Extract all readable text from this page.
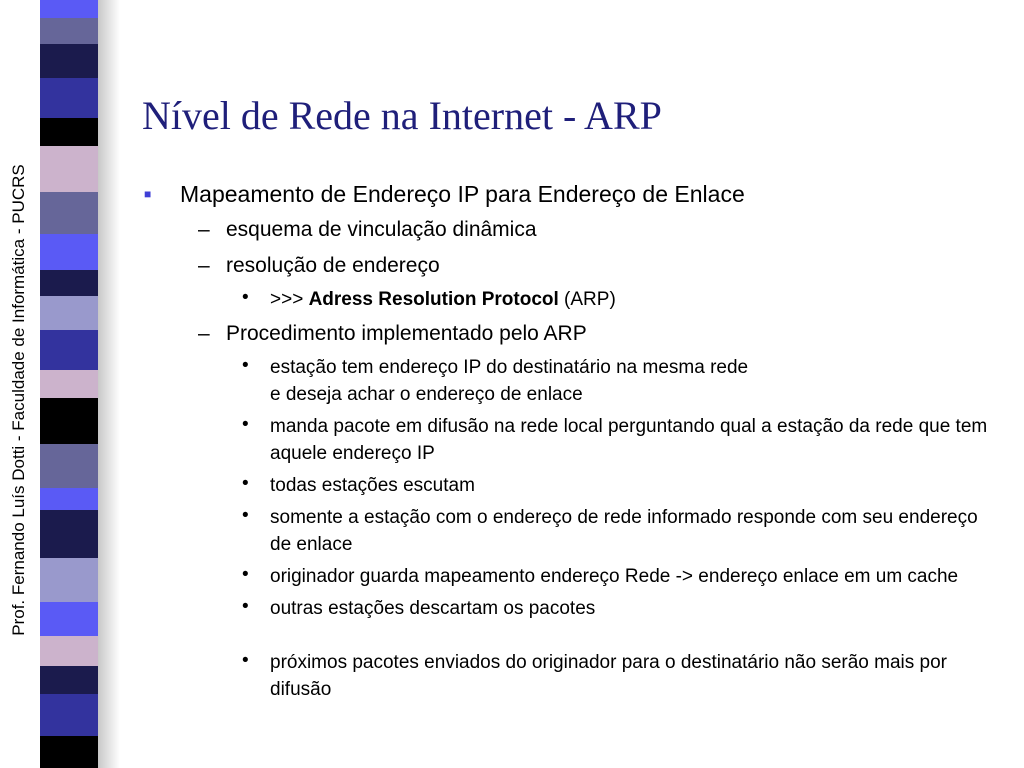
Prof. Fernando Luís Dotti - Faculdade de Informática - PUCRS
Nível de Rede na Internet - ARP
■ Mapeamento de Endereço IP para Endereço de Enlace
– esquema de vinculação dinâmica
– resolução de endereço
• >>> Adress Resolution Protocol (ARP)
– Procedimento implementado pelo ARP
• estação tem endereço IP do destinatário na mesma rede
e deseja achar o endereço de enlace
• manda pacote em difusão na rede local perguntando qual a estação da rede que tem aquele endereço IP
• todas estações escutam
• somente a estação com o endereço de rede informado responde com seu endereço de enlace
• originador guarda mapeamento endereço Rede -> endereço enlace em um cache
• outras estações descartam os pacotes
• próximos pacotes enviados do originador para o destinatário não serão mais por difusão
